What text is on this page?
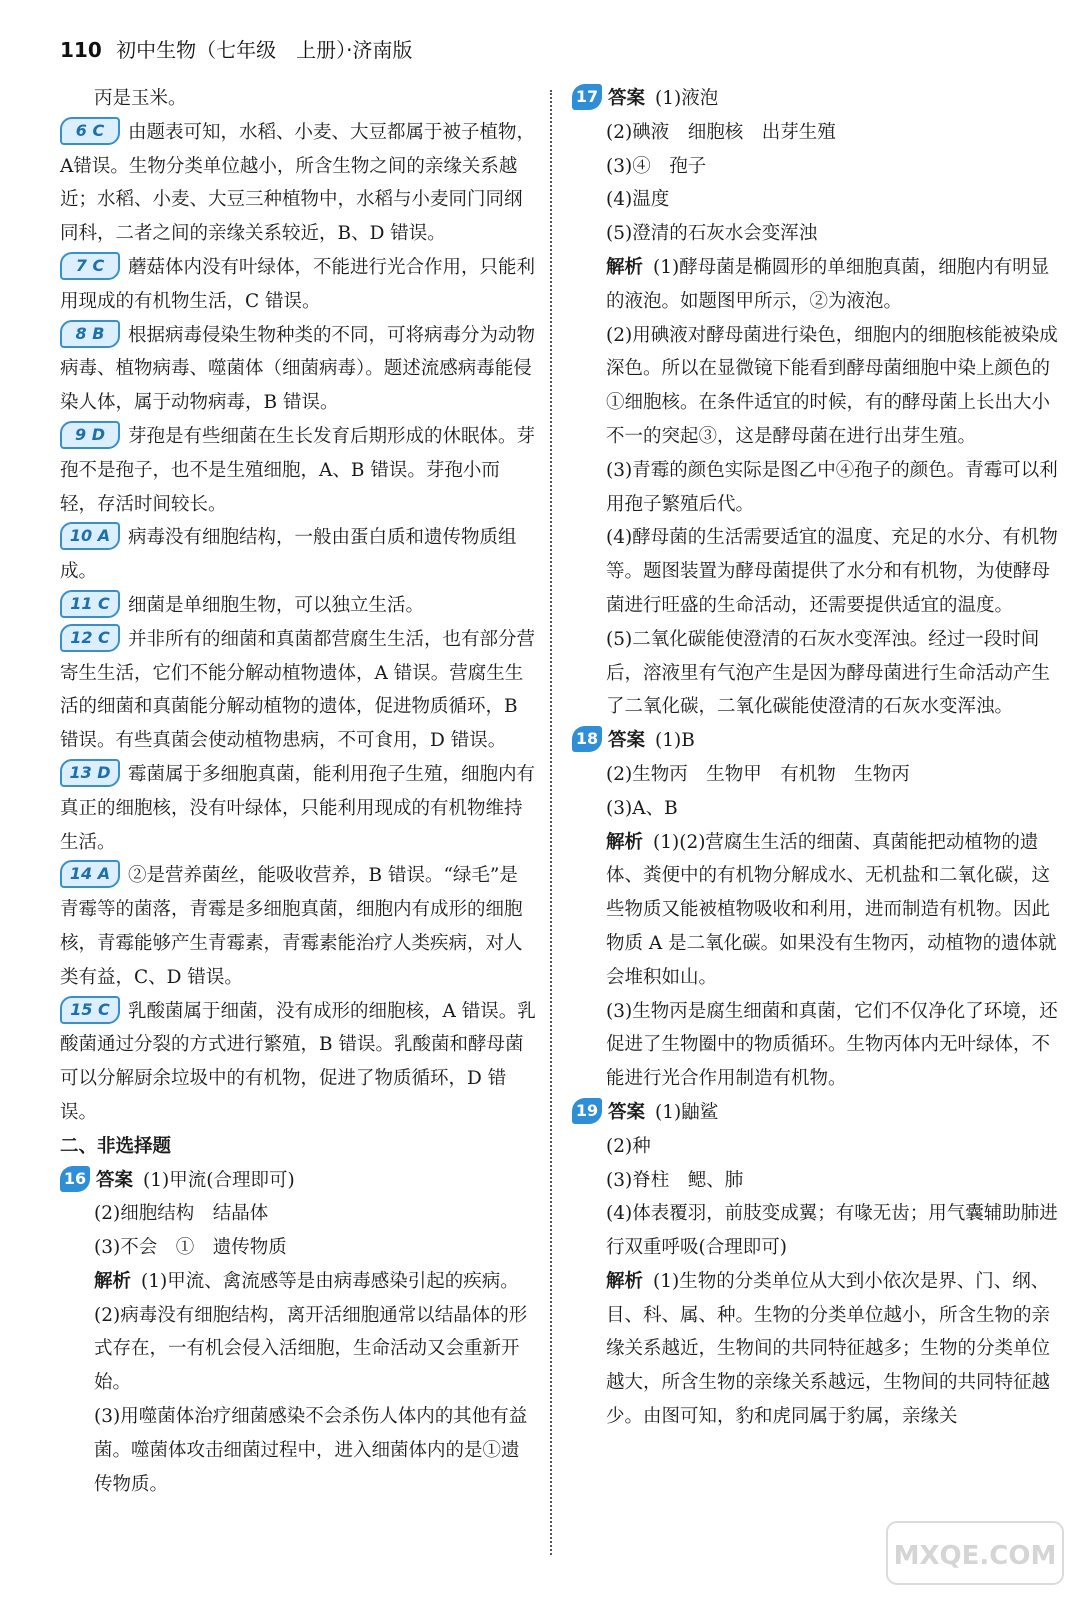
110 初中生物（七年级　上册）·济南版
丙是玉米。
6 C 由题表可知，水稻、小麦、大豆都属于被子植物，A错误。生物分类单位越小，所含生物之间的亲缘关系越近；水稻、小麦、大豆三种植物中，水稻与小麦同门同纲同科，二者之间的亲缘关系较近，B、D 错误。
7 C 蘑菇体内没有叶绿体，不能进行光合作用，只能利用现成的有机物生活，C 错误。
8 B 根据病毒侵染生物种类的不同，可将病毒分为动物病毒、植物病毒、噬菌体（细菌病毒）。题述流感病毒能侵染人体，属于动物病毒，B 错误。
9 D 芽孢是有些细菌在生长发育后期形成的休眠体。芽孢不是孢子，也不是生殖细胞，A、B 错误。芽孢小而轻，存活时间较长。
10 A 病毒没有细胞结构，一般由蛋白质和遗传物质组成。
11 C 细菌是单细胞生物，可以独立生活。
12 C 并非所有的细菌和真菌都营腐生生活，也有部分营寄生生活，它们不能分解动植物遗体，A 错误。营腐生生活的细菌和真菌能分解动植物的遗体，促进物质循环，B 错误。有些真菌会使动植物患病，不可食用，D 错误。
13 D 霉菌属于多细胞真菌，能利用孢子生殖，细胞内有真正的细胞核，没有叶绿体，只能利用现成的有机物维持生活。
14 A ②是营养菌丝，能吸收营养，B 错误。“绿毛”是青霉等的菌落，青霉是多细胞真菌，细胞内有成形的细胞核，青霉能够产生青霉素，青霉素能治疗人类疾病，对人类有益，C、D 错误。
15 C 乳酸菌属于细菌，没有成形的细胞核，A 错误。乳酸菌通过分裂的方式进行繁殖，B 错误。乳酸菌和酵母菌可以分解厨余垃圾中的有机物，促进了物质循环，D 错误。
二、非选择题
16 答案 (1)甲流(合理即可)
(2)细胞结构　结晶体
(3)不会　①　遗传物质
解析 (1)甲流、禽流感等是由病毒感染引起的疾病。
(2)病毒没有细胞结构，离开活细胞通常以结晶体的形式存在，一有机会侵入活细胞，生命活动又会重新开始。
(3)用噬菌体治疗细菌感染不会杀伤人体内的其他有益菌。噬菌体攻击细菌过程中，进入细菌体内的是①遗传物质。
17 答案 (1)液泡
(2)碘液　细胞核　出芽生殖
(3)④　孢子
(4)温度
(5)澄清的石灰水会变浑浊
解析 (1)酵母菌是椭圆形的单细胞真菌，细胞内有明显的液泡。如题图甲所示，②为液泡。
(2)用碘液对酵母菌进行染色，细胞内的细胞核能被染成深色。所以在显微镜下能看到酵母菌细胞中染上颜色的①细胞核。在条件适宜的时候，有的酵母菌上长出大小不一的突起③，这是酵母菌在进行出芽生殖。
(3)青霉的颜色实际是图乙中④孢子的颜色。青霉可以利用孢子繁殖后代。
(4)酵母菌的生活需要适宜的温度、充足的水分、有机物等。题图装置为酵母菌提供了水分和有机物，为使酵母菌进行旺盛的生命活动，还需要提供适宜的温度。
(5)二氧化碳能使澄清的石灰水变浑浊。经过一段时间后，溶液里有气泡产生是因为酵母菌进行生命活动产生了二氧化碳，二氧化碳能使澄清的石灰水变浑浊。
18 答案 (1)B
(2)生物丙　生物甲　有机物　生物丙
(3)A、B
解析 (1)(2)营腐生生活的细菌、真菌能把动植物的遗体、粪便中的有机物分解成水、无机盐和二氧化碳，这些物质又能被植物吸收和利用，进而制造有机物。因此物质 A 是二氧化碳。如果没有生物丙，动植物的遗体就会堆积如山。
(3)生物丙是腐生细菌和真菌，它们不仅净化了环境，还促进了生物圈中的物质循环。生物丙体内无叶绿体，不能进行光合作用制造有机物。
19 答案 (1)鼬鲨
(2)种
(3)脊柱　鳃、肺
(4)体表覆羽，前肢变成翼；有喙无齿；用气囊辅助肺进行双重呼吸(合理即可)
解析 (1)生物的分类单位从大到小依次是界、门、纲、目、科、属、种。生物的分类单位越小，所含生物的亲缘关系越近，生物间的共同特征越多；生物的分类单位越大，所含生物的亲缘关系越远，生物间的共同特征越少。由图可知，豹和虎同属于豹属，亲缘关
MXQE.COM
